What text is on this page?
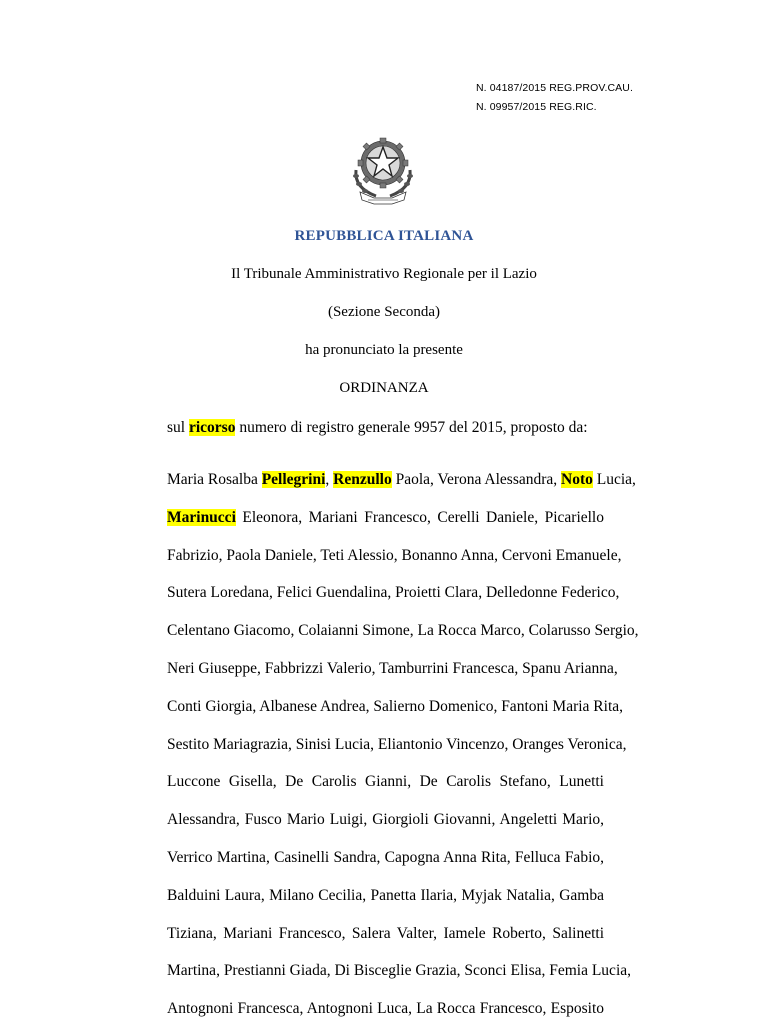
N. 04187/2015 REG.PROV.CAU.
N. 09957/2015 REG.RIC.
REPUBBLICA ITALIANA
Il Tribunale Amministrativo Regionale per il Lazio
(Sezione Seconda)
ha pronunciato la presente
ORDINANZA
sul ricorso numero di registro generale 9957 del 2015, proposto da:
Maria Rosalba Pellegrini, Renzullo Paola, Verona Alessandra, Noto Lucia,
Marinucci Eleonora, Mariani Francesco, Cerelli Daniele, Picariello
Fabrizio, Paola Daniele, Teti Alessio, Bonanno Anna, Cervoni Emanuele,
Sutera Loredana, Felici Guendalina, Proietti Clara, Delledonne Federico,
Celentano Giacomo, Colaianni Simone, La Rocca Marco, Colarusso Sergio,
Neri Giuseppe, Fabbrizzi Valerio, Tamburrini Francesca, Spanu Arianna,
Conti Giorgia, Albanese Andrea, Salierno Domenico, Fantoni Maria Rita,
Sestito Mariagrazia, Sinisi Lucia, Eliantonio Vincenzo, Oranges Veronica,
Luccone Gisella, De Carolis Gianni, De Carolis Stefano, Lunetti
Alessandra, Fusco Mario Luigi, Giorgioli Giovanni, Angeletti Mario,
Verrico Martina, Casinelli Sandra, Capogna Anna Rita, Felluca Fabio,
Balduini Laura, Milano Cecilia, Panetta Ilaria, Myjak Natalia, Gamba
Tiziana, Mariani Francesco, Salera Valter, Iamele Roberto, Salinetti
Martina, Prestianni Giada, Di Bisceglie Grazia, Sconci Elisa, Femia Lucia,
Antognoni Francesca, Antognoni Luca, La Rocca Francesco, Esposito
